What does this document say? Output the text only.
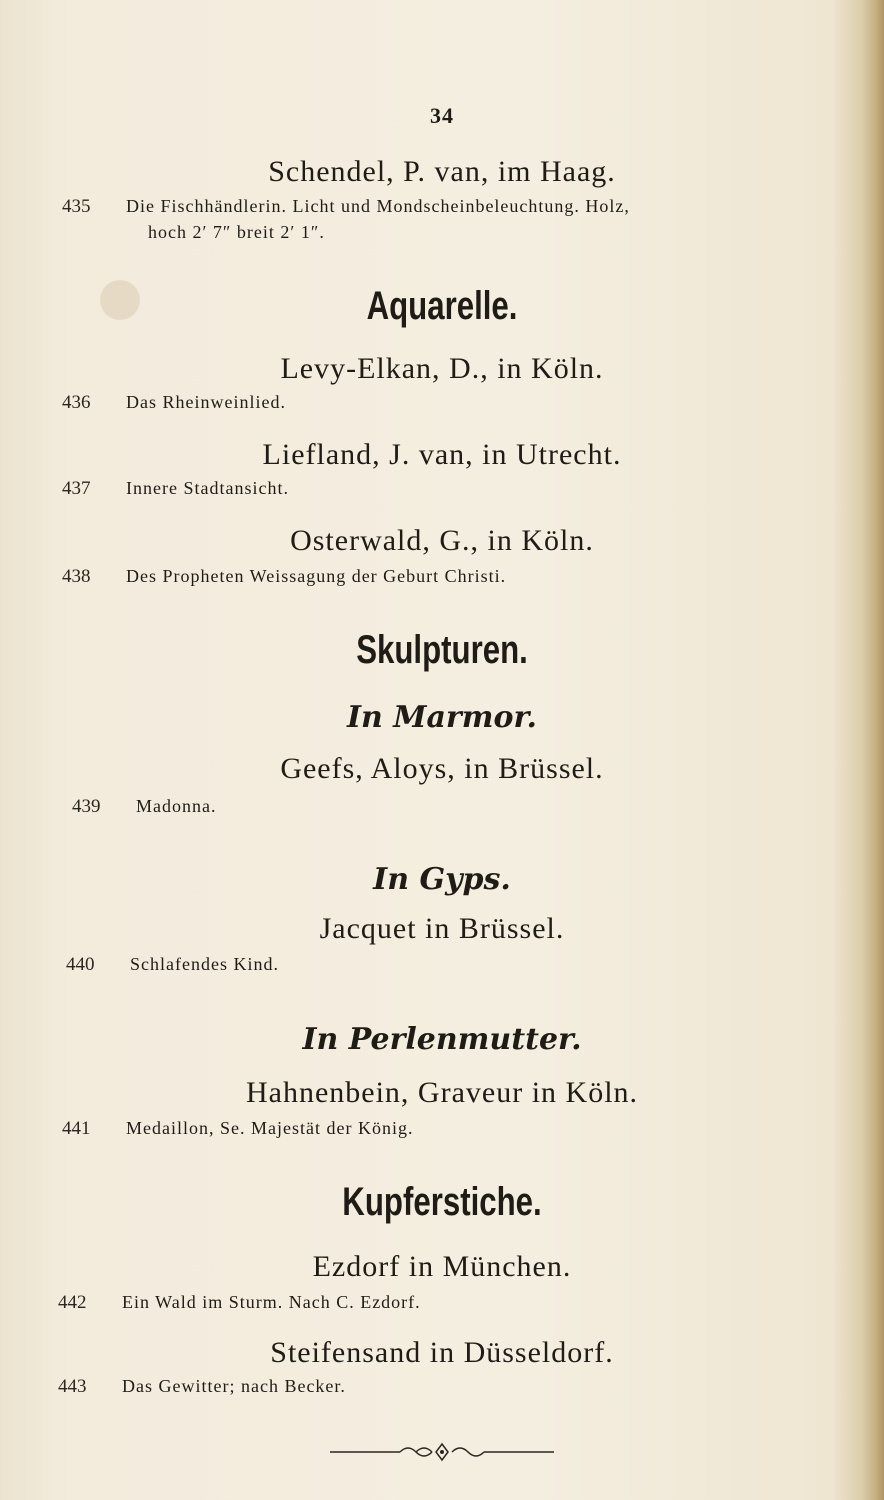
34
Schendel, P. van, im Haag.
435 Die Fischhändlerin. Licht und Mondscheinbeleuchtung. Holz,
hoch 2′ 7″ breit 2′ 1″.
Aquarelle.
Levy-Elkan, D., in Köln.
436 Das Rheinweinlied.
Liefland, J. van, in Utrecht.
437 Innere Stadtansicht.
Osterwald, G., in Köln.
438 Des Propheten Weissagung der Geburt Christi.
Skulpturen.
In Marmor.
Geefs, Aloys, in Brüssel.
439 Madonna.
In Gyps.
Jacquet in Brüssel.
440 Schlafendes Kind.
In Perlenmutter.
Hahnenbein, Graveur in Köln.
441 Medaillon, Se. Majestät der König.
Kupferstiche.
Ezdorf in München.
442 Ein Wald im Sturm. Nach C. Ezdorf.
Steifensand in Düsseldorf.
443 Das Gewitter; nach Becker.
